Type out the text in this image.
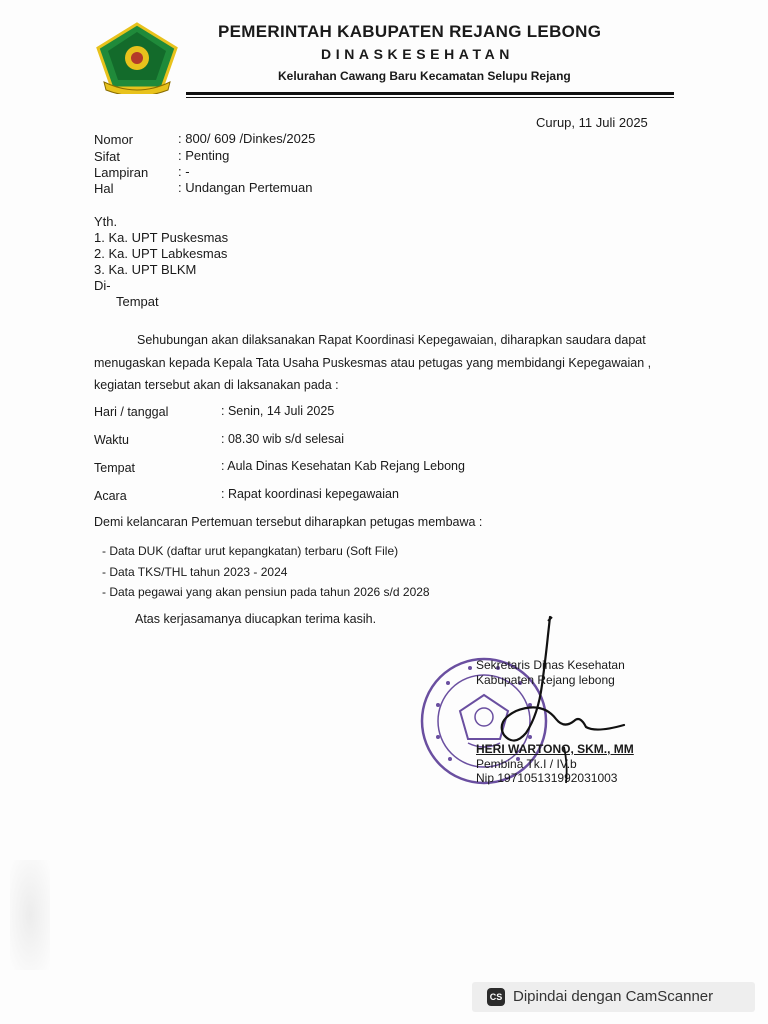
PEMERINTAH KABUPATEN REJANG LEBONG
DINASKESEHATAN
Kelurahan Cawang Baru Kecamatan Selupu Rejang
Curup, 11 Juli 2025
Nomor	: 800/ 609 /Dinkes/2025
Sifat	: Penting
Lampiran : -
Hal	: Undangan Pertemuan
Yth.
1. Ka. UPT Puskesmas
2. Ka. UPT Labkesmas
3. Ka. UPT BLKM
Di-
Tempat
Sehubungan akan dilaksanakan Rapat Koordinasi Kepegawaian, diharapkan saudara dapat
menugaskan kepada Kepala Tata Usaha Puskesmas atau petugas yang membidangi Kepegawaian ,
kegiatan tersebut akan di laksanakan pada :
Hari / tanggal	: Senin, 14 Juli 2025
Waktu	: 08.30 wib s/d selesai
Tempat	: Aula Dinas Kesehatan Kab Rejang Lebong
Acara	: Rapat koordinasi kepegawaian
Demi kelancaran Pertemuan tersebut diharapkan petugas membawa :
- Data DUK (daftar urut kepangkatan) terbaru (Soft File)
- Data TKS/THL tahun 2023 - 2024
- Data pegawai yang akan pensiun pada tahun 2026 s/d 2028
Atas kerjasamanya diucapkan terima kasih.
Sekretaris Dinas Kesehatan
Kabupaten Rejang lebong
HERI WARTONO, SKM., MM
Pembina Tk.I / IV.b
Nip 197105131992031003
CS Dipindai dengan CamScanner
